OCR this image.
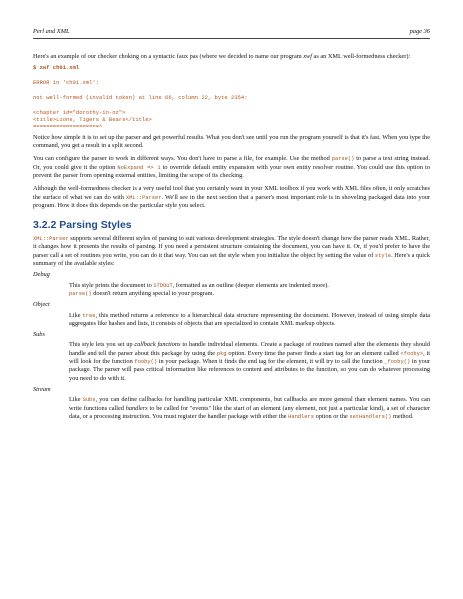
Perl and XML	page 36

Here's an example of our checker choking on a syntactic faux pas (where we decided to name our program xwf as an XML well-formedness checker):

$ xwf ch01.xml
ERROR in 'ch01.xml':
not well-formed (invalid token) at line 66, column 22, byte 2354:
<chapter id="dorothy-in-oz">
<title>Lions, Tigers & Bears</title>
====================^

Notice how simple it is to set up the parser and get powerful results. What you don't see until you run the program yourself is that it's fast. When you type the command, you get a result in a split second.

You can configure the parser to work in different ways. You don't have to parse a file, for example. Use the method parse() to parse a text string instead. Or, you could give it the option NoExpand => 1 to override default entity expansion with your own entity resolver routine. You could use this option to prevent the parser from opening external entities, limiting the scope of its checking.

Although the well-formedness checker is a very useful tool that you certainly want in your XML toolbox if you work with XML files often, it only scratches the surface of what we can do with XML::Parser. We'll see in the next section that a parser's most important role is in shoveling packaged data into your program. How it does this depends on the particular style you select.

3.2.2 Parsing Styles

XML::Parser supports several different styles of parsing to suit various development strategies. The style doesn't change how the parser reads XML. Rather, it changes how it presents the results of parsing. If you need a persistent structure containing the document, you can have it. Or, if you'd prefer to have the parser call a set of routines you write, you can do it that way. You can set the style when you initialize the object by setting the value of style. Here's a quick summary of the available styles:

Debug

This style prints the document to STDOUT, formatted as an outline (deeper elements are indented more).
parse() doesn't return anything special to your program.

Object

Like tree, this method returns a reference to a hierarchical data structure representing the document. However, instead of using simple data aggregates like hashes and lists, it consists of objects that are specialized to contain XML markup objects.

Subs

This style lets you set up callback functions to handle individual elements. Create a package of routines named after the elements they should handle and tell the parser about this package by using the pkg option. Every time the parser finds a start tag for an element called <fooby>, it will look for the function fooby() in your package. When it finds the end tag for the element, it will try to call the function _fooby() in your package. The parser will pass critical information like references to content and attributes to the function, so you can do whatever processing you need to do with it.

Stream

Like Subs, you can define callbacks for handling particular XML components, but callbacks are more general than element names. You can write functions called handlers to be called for "events" like the start of an element (any element, not just a particular kind), a set of character data, or a processing instruction. You must register the handler package with either the Handlers option or the setHandlers() method.
